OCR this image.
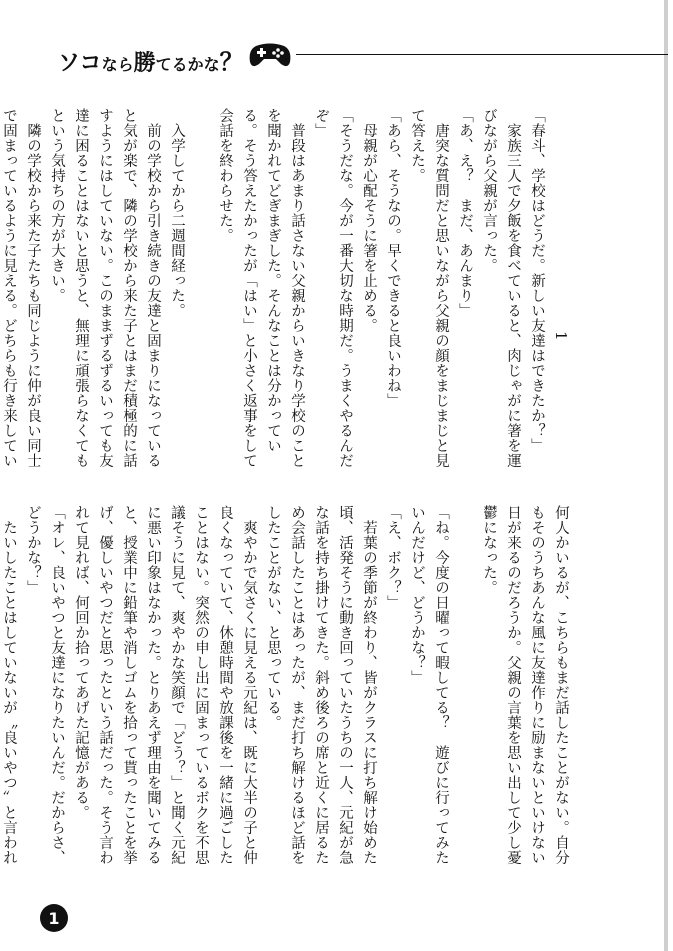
ソコなら勝てるかな？

1

「春斗、学校はどうだ。新しい友達はできたか？」

　家族三人で夕飯を食べていると、肉じゃがに箸を運びながら父親が言った。

「あ、え？　まだ、あんまり」

　唐突な質問だと思いながら父親の顔をまじまじと見て答えた。

「あら、そうなの。早くできると良いわね」

　母親が心配そうに箸を止める。

「そうだな。今が一番大切な時期だ。うまくやるんだぞ」

　普段はあまり話さない父親からいきなり学校のことを聞かれてどぎまぎした。そんなことは分かっている。そう答えたかったが「はい」と小さく返事をして会話を終わらせた。

　入学してから二週間経った。

　前の学校から引き続きの友達と固まりになっていると気が楽で、隣の学校から来た子とはまだ積極的に話すようにはしていない。このままずるずるいっても友達に困ることはないと思うと、無理に頑張らなくてもという気持ちの方が大きい。

　隣の学校から来た子たちも同じように仲が良い同士で固まっているように見える。どちらも行き来してい

何人かいるが、こちらもまだ話したことがない。自分もそのうちあんな風に友達作りに励まないといけない日が来るのだろうか。父親の言葉を思い出して少し憂鬱になった。

「ね。今度の日曜って暇してる？　遊びに行ってみたいんだけど、どうかな？」

「え、ボク？」

　若葉の季節が終わり、皆がクラスに打ち解け始めた頃、活発そうに動き回っていたうちの一人、元紀が急な話を持ち掛けてきた。斜め後ろの席と近くに居るため会話したことはあったが、まだ打ち解けるほど話をしたことがない、と思っている。

　爽やかで気さくに見える元紀は、既に大半の子と仲良くなっていて、休憩時間や放課後を一緒に過ごしたことはない。突然の申し出に固まっているボクを不思議そうに見て、爽やかな笑顔で「どう？」と聞く元紀に悪い印象はなかった。とりあえず理由を聞いてみると、授業中に鉛筆や消しゴムを拾って貰ったことを挙げ、優しいやつだと思ったという話だった。そう言われて見れば、何回か拾ってあげた記憶がある。

「オレ、良いやつと友達になりたいんだ。だからさ、どうかな？」

　たいしたことはしていないが〝良いやつ〟と言われ

1
